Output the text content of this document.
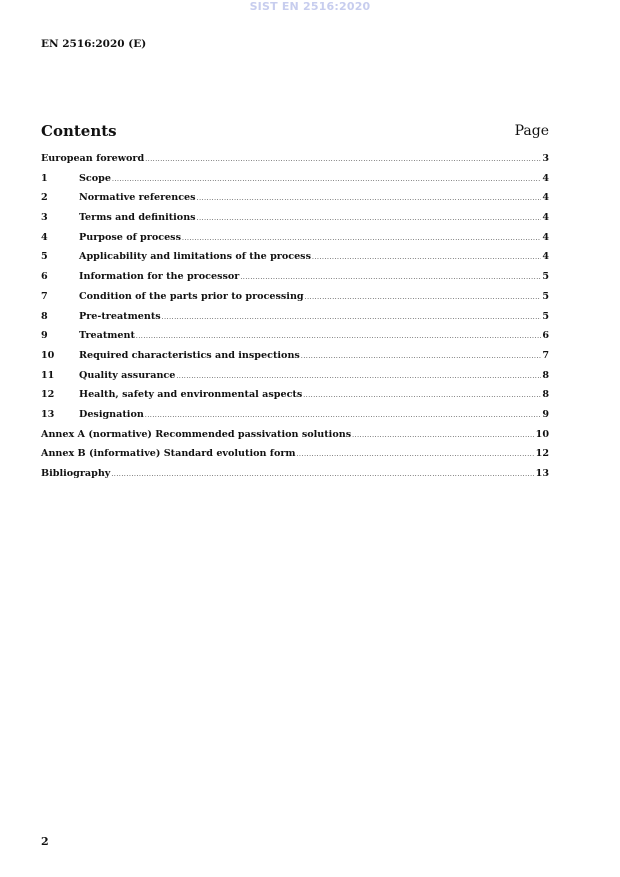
SIST EN 2516:2020
EN 2516:2020 (E)
Contents	Page
European foreword .....	3
1	Scope .....	4
2	Normative references .....	4
3	Terms and definitions .....	4
4	Purpose of process .....	4
5	Applicability and limitations of the process .....	4
6	Information for the processor .....	5
7	Condition of the parts prior to processing .....	5
8	Pre-treatments .....	5
9	Treatment .....	6
10	Required characteristics and inspections .....	7
11	Quality assurance .....	8
12	Health, safety and environmental aspects .....	8
13	Designation .....	9
Annex A (normative) Recommended passivation solutions .....	10
Annex B (informative) Standard evolution form .....	12
Bibliography .....	13
2
